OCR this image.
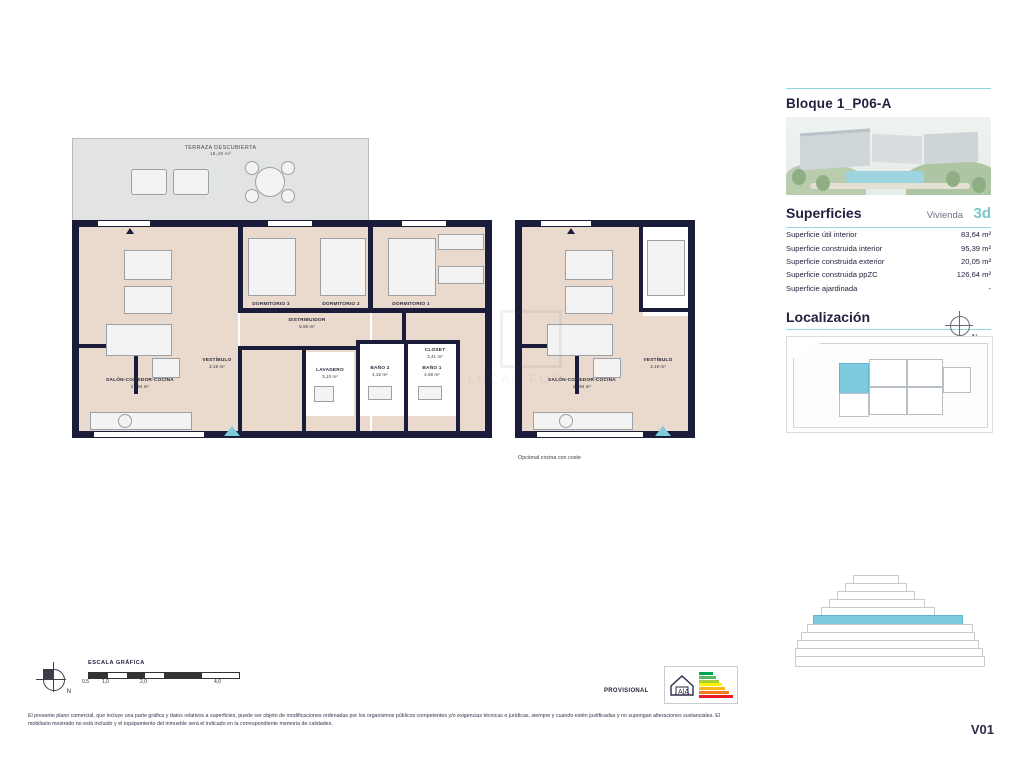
TERRAZA DESCUBIERTA
18,49 m²
DORMITORIO 3
10,36 m²
DORMITORIO 2
10,48 m²
DORMITORIO 1
10,61 m²
CLOSET
3,41 m²
DISTRIBUIDOR
5,55 m²
VESTÍBULO
3,19 m²
LAVADERO
3,10 m²
BAÑO 2
4,32 m²
BAÑO 1
4,68 m²
SALÓN-COMEDOR-COCINA
27,94 m²
VESTÍBULO
3,19 m²
SALÓN-COMEDOR-COCINA
27,94 m²
Opcional cocina con coste
LUCAS FOX
Bloque 1_P06-A
Superficies	Vivienda 3d
Superficie útil interior	83,64 m²
Superficie construida interior	95,39 m²
Superficie construida exterior	20,05 m²
Superficie construida ppZC	126,64 m²
Superficie ajardinada	-
Localización
V01
N
ESCALA GRÁFICA
0,5	1,0	2,0	4,0
PROVISIONAL	A|A
El presente plano comercial, que incluye una parte gráfica y datos relativos a superficies, puede ser objeto de modificaciones ordenadas por los organismos públicos competentes y/o exigencias técnicas o jurídicas, siempre y cuando estén justificadas y no supongan alteraciones sustanciales. El mobiliario mostrado no está incluido y el equipamiento del inmueble será el indicado en la correspondiente memoria de calidades.
